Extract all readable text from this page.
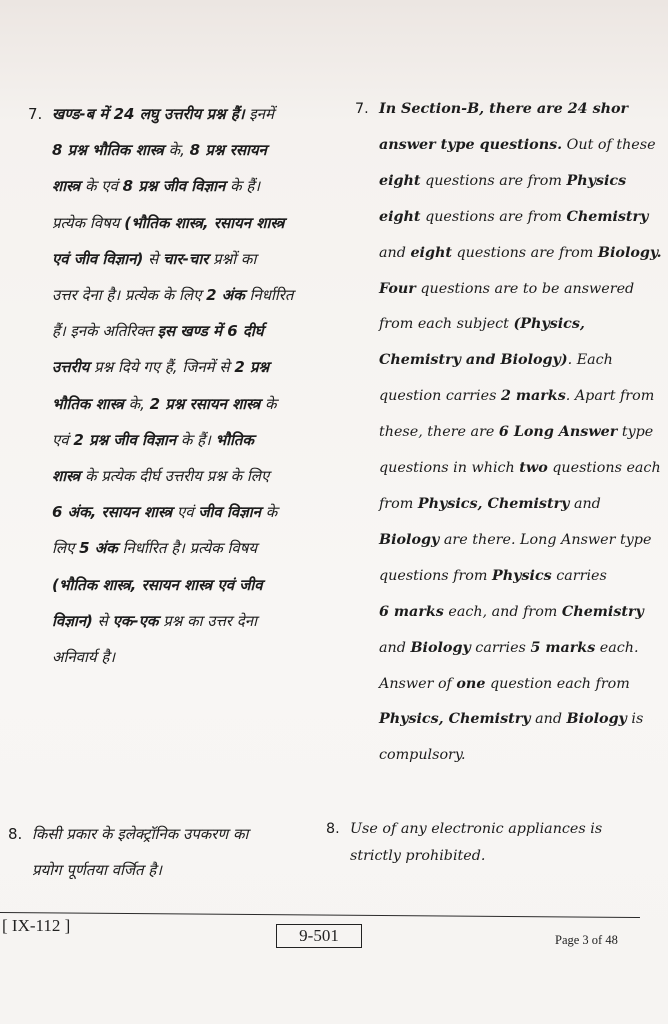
7. खण्ड-ब में 24 लघु उत्तरीय प्रश्न हैं। इनमें

8 प्रश्न भौतिक शास्त्र के, 8 प्रश्न रसायन

शास्त्र के एवं 8 प्रश्न जीव विज्ञान के हैं।

प्रत्येक विषय (भौतिक शास्त्र, रसायन शास्त्र

एवं जीव विज्ञान) से चार-चार प्रश्नों का

उत्तर देना है। प्रत्येक के लिए 2 अंक निर्धारित

हैं। इनके अतिरिक्त इस खण्ड में 6 दीर्घ

उत्तरीय प्रश्न दिये गए हैं, जिनमें से 2 प्रश्न

भौतिक शास्त्र के, 2 प्रश्न रसायन शास्त्र के

एवं 2 प्रश्न जीव विज्ञान के हैं। भौतिक

शास्त्र के प्रत्येक दीर्घ उत्तरीय प्रश्न के लिए

6 अंक, रसायन शास्त्र एवं जीव विज्ञान के

लिए 5 अंक निर्धारित है। प्रत्येक विषय

(भौतिक शास्त्र, रसायन शास्त्र एवं जीव

विज्ञान) से एक-एक प्रश्न का उत्तर देना

अनिवार्य है।

7. In Section-B, there are 24 shor

answer type questions. Out of these

eight questions are from Physics

eight questions are from Chemistry

and eight questions are from Biology.

Four questions are to be answered

from each subject (Physics,

Chemistry and Biology). Each

question carries 2 marks. Apart from

these, there are 6 Long Answer type

questions in which two questions each

from Physics, Chemistry and

Biology are there. Long Answer type

questions from Physics carries

6 marks each, and from Chemistry

and Biology carries 5 marks each.

Answer of one question each from

Physics, Chemistry and Biology is

compulsory.

8. किसी प्रकार के इलेक्ट्रॉनिक उपकरण का

प्रयोग पूर्णतया वर्जित है।

8. Use of any electronic appliances is

strictly prohibited.

[ IX-112 ]
9-501	Page 3 of 48
